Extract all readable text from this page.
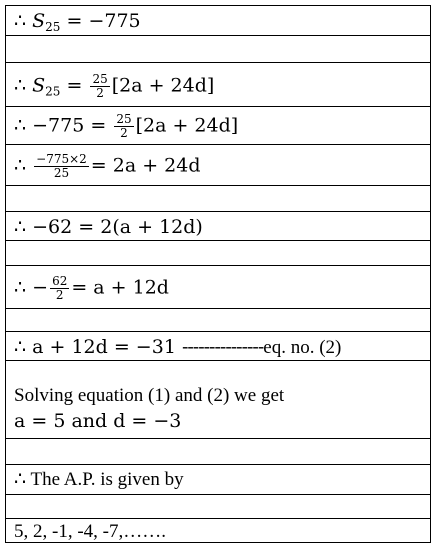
∴ $S_{25} = -775$
∴ $S_{25} = \frac{25}{2} [2a + 24d]$
∴ $-775 = \frac{25}{2} [2a + 24d]$
∴ $\frac{-775\times 2}{25} = 2a + 24d$
∴ −62 = 2(a + 12d)
∴ − $\frac{62}{2} = a + 12d$
∴ a + 12d = −31 ---------------eq. no. (2)
Solving equation (1) and (2) we get
a = 5 and d = −3
∴ The A.P. is given by
5, 2, -1, -4, -7,…….
